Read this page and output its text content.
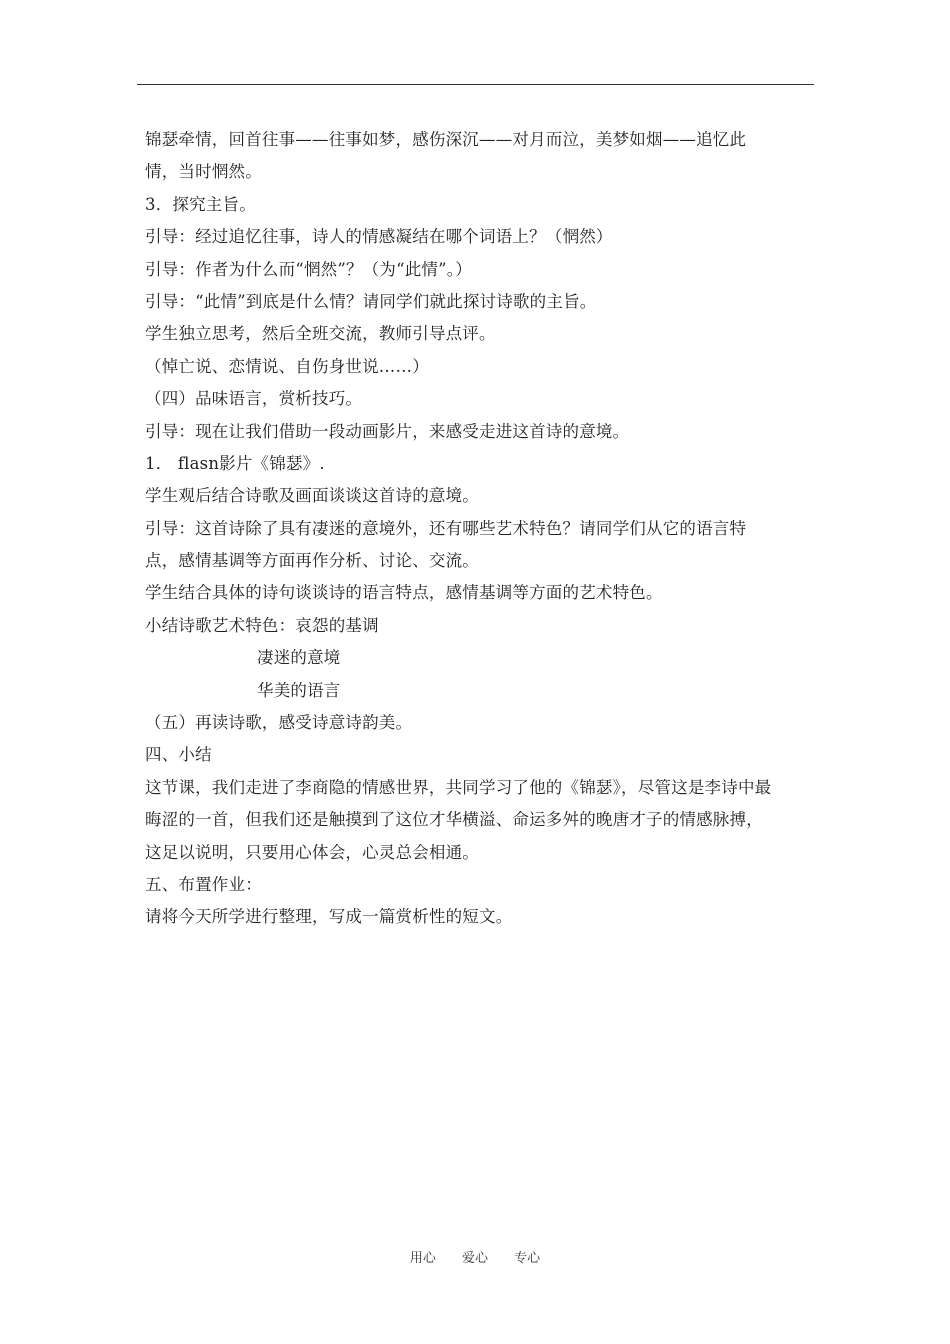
锦瑟牵情，回首往事——往事如梦，感伤深沉——对月而泣，美梦如烟——追忆此
情，当时惘然。
3．探究主旨。
引导：经过追忆往事，诗人的情感凝结在哪个词语上？（惘然）
引导：作者为什么而“惘然”？（为“此情”。）
引导：“此情”到底是什么情？请同学们就此探讨诗歌的主旨。
学生独立思考，然后全班交流，教师引导点评。
（悼亡说、恋情说、自伤身世说……）
（四）品味语言，赏析技巧。
引导：现在让我们借助一段动画影片，来感受走进这首诗的意境。
1． flasn影片《锦瑟》.
学生观后结合诗歌及画面谈谈这首诗的意境。
引导：这首诗除了具有凄迷的意境外，还有哪些艺术特色？请同学们从它的语言特
点，感情基调等方面再作分析、讨论、交流。
学生结合具体的诗句谈谈诗的语言特点，感情基调等方面的艺术特色。
小结诗歌艺术特色：哀怨的基调
凄迷的意境
华美的语言
（五）再读诗歌，感受诗意诗韵美。
四、小结
这节课，我们走进了李商隐的情感世界，共同学习了他的《锦瑟》，尽管这是李诗中最
晦涩的一首，但我们还是触摸到了这位才华横溢、命运多舛的晚唐才子的情感脉搏，
这足以说明，只要用心体会，心灵总会相通。
五、布置作业：
请将今天所学进行整理，写成一篇赏析性的短文。
用心 爱心 专心
